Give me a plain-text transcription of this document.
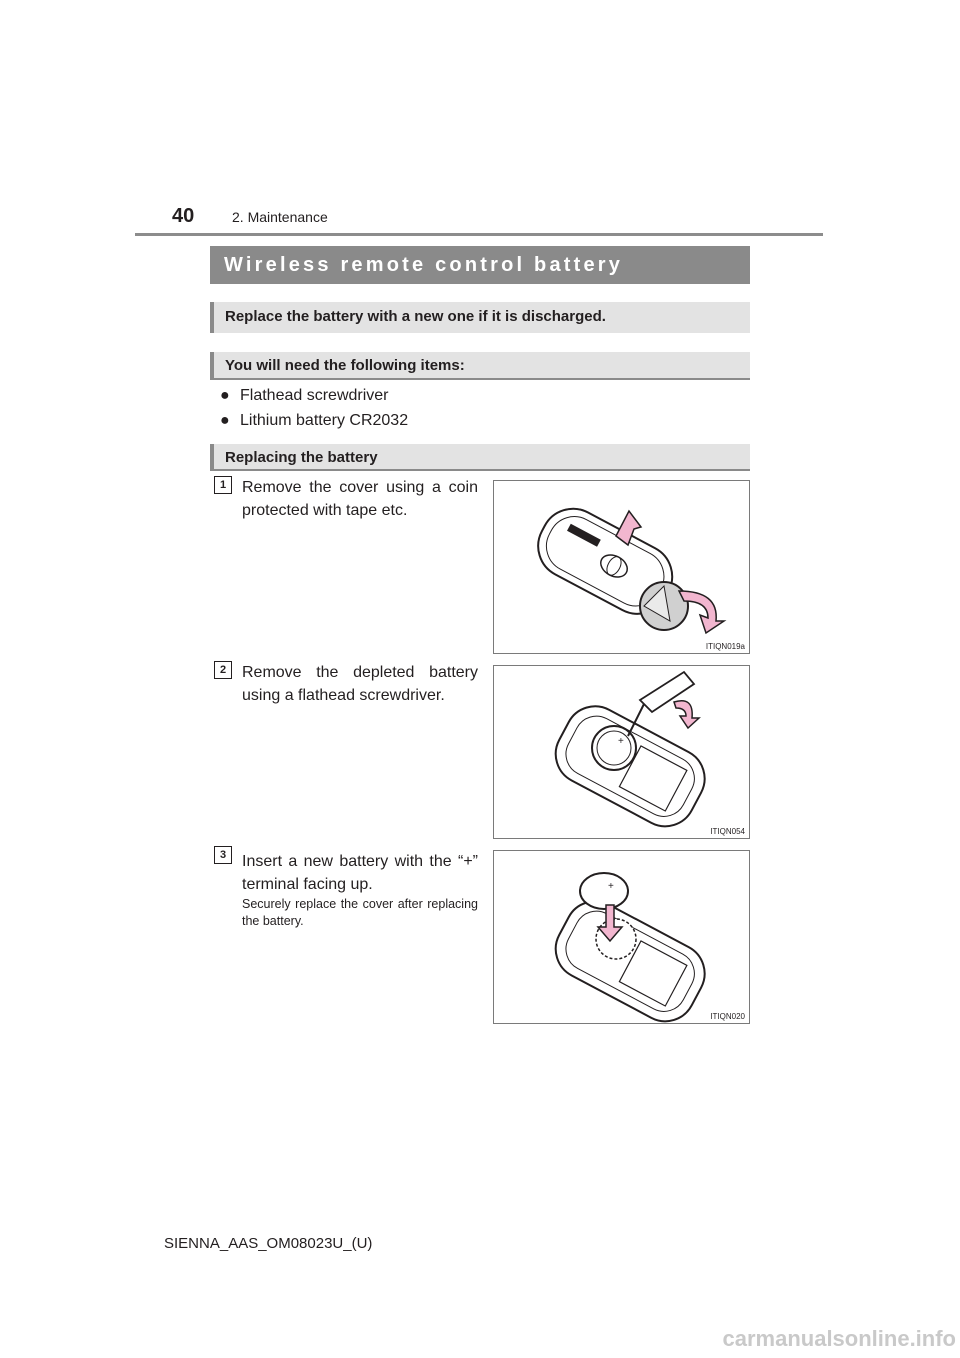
40	2. Maintenance
Wireless remote control battery
Replace the battery with a new one if it is discharged.
You will need the following items:
● Flathead screwdriver
● Lithium battery CR2032
Replacing the battery
1 Remove the cover using a coin protected with tape etc.
ITIQN019a
2 Remove the depleted battery using a flathead screwdriver.
+
ITIQN054
3 Insert a new battery with the “+” terminal facing up.
Securely replace the cover after replacing the battery.
+
ITIQN020
SIENNA_AAS_OM08023U_(U)
carmanualsonline.info
